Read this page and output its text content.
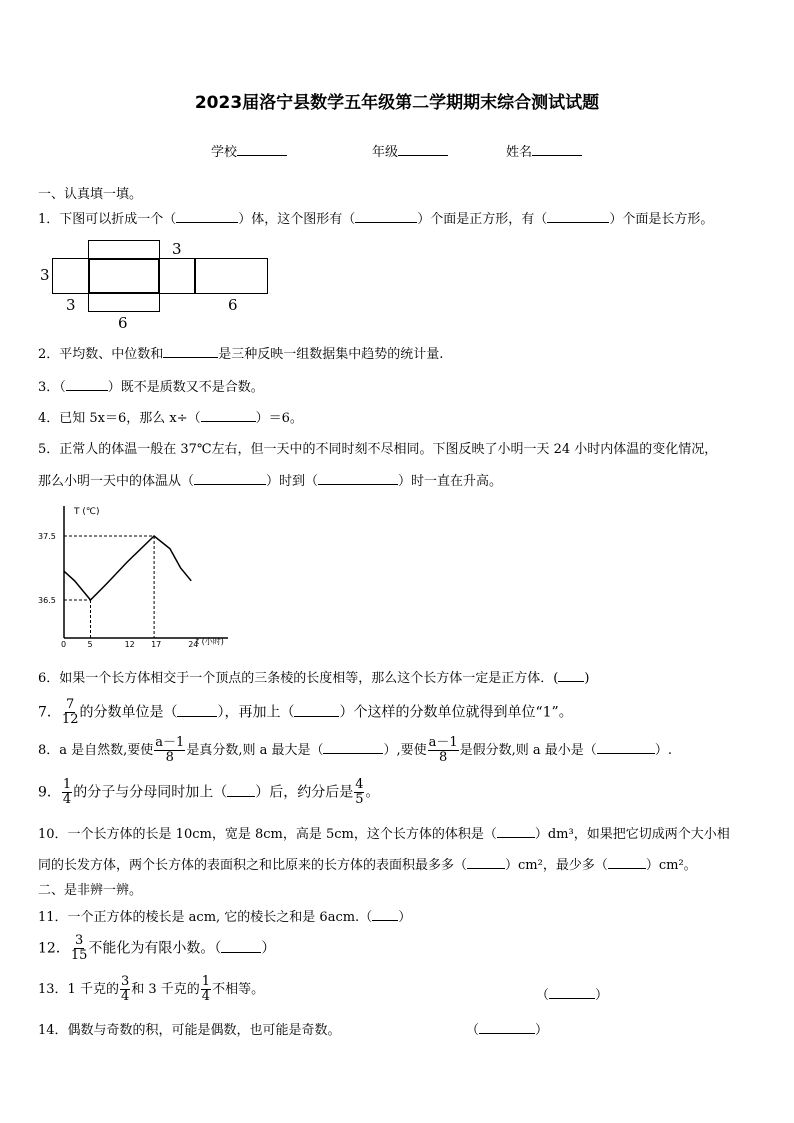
2023届洛宁县数学五年级第二学期期末综合测试试题
学校	年级	姓名
一、认真填一填。
1．下图可以折成一个（	）体，这个图形有（	）个面是正方形，有（	）个面是长方形。
3
3
3
6
6
2．平均数、中位数和	是三种反映一组数据集中趋势的统计量.
3．（	）既不是质数又不是合数。
4．已知 5x＝6，那么 x÷（	）＝6。
5．正常人的体温一般在 37℃左右，但一天中的不同时刻不尽相同。下图反映了小明一天 24 小时内体温的变化情况，
那么小明一天中的体温从（	）时到（	）时一直在升高。
T (℃)
t (小时)
0	5	12 17	24
36.5
37.5
6．如果一个长方体相交于一个顶点的三条棱的长度相等，那么这个长方体一定是正方体．( )
7． $\frac{7}{12}$ 的分数单位是（	），再加上（	）个这样的分数单位就得到单位“1”。
8．a 是自然数,要使 $\frac{a-1}{8}$ 是真分数,则 a 最大是（	）,要使 $\frac{a-1}{8}$ 是假分数,则 a 最小是（	）.
9． $\frac{1}{4}$ 的分子与分母同时加上（ ）后，约分后是 $\frac{4}{5}$ 。
10．一个长方体的长是 10cm，宽是 8cm，高是 5cm，这个长方体的体积是（	）dm³，如果把它切成两个大小相
同的长发方体，两个长方体的表面积之和比原来的长方体的表面积最多多（	）cm²，最少多（	）cm²。
二、是非辨一辨。
11．一个正方体的棱长是 acm, 它的棱长之和是 6acm.（ ）
12． $\frac{3}{15}$ 不能化为有限小数。（	）
13．1 千克的 $\frac{3}{4}$ 和 3 千克的 $\frac{1}{4}$ 不相等。	（	）
14．偶数与奇数的积，可能是偶数，也可能是奇数。	（	）
